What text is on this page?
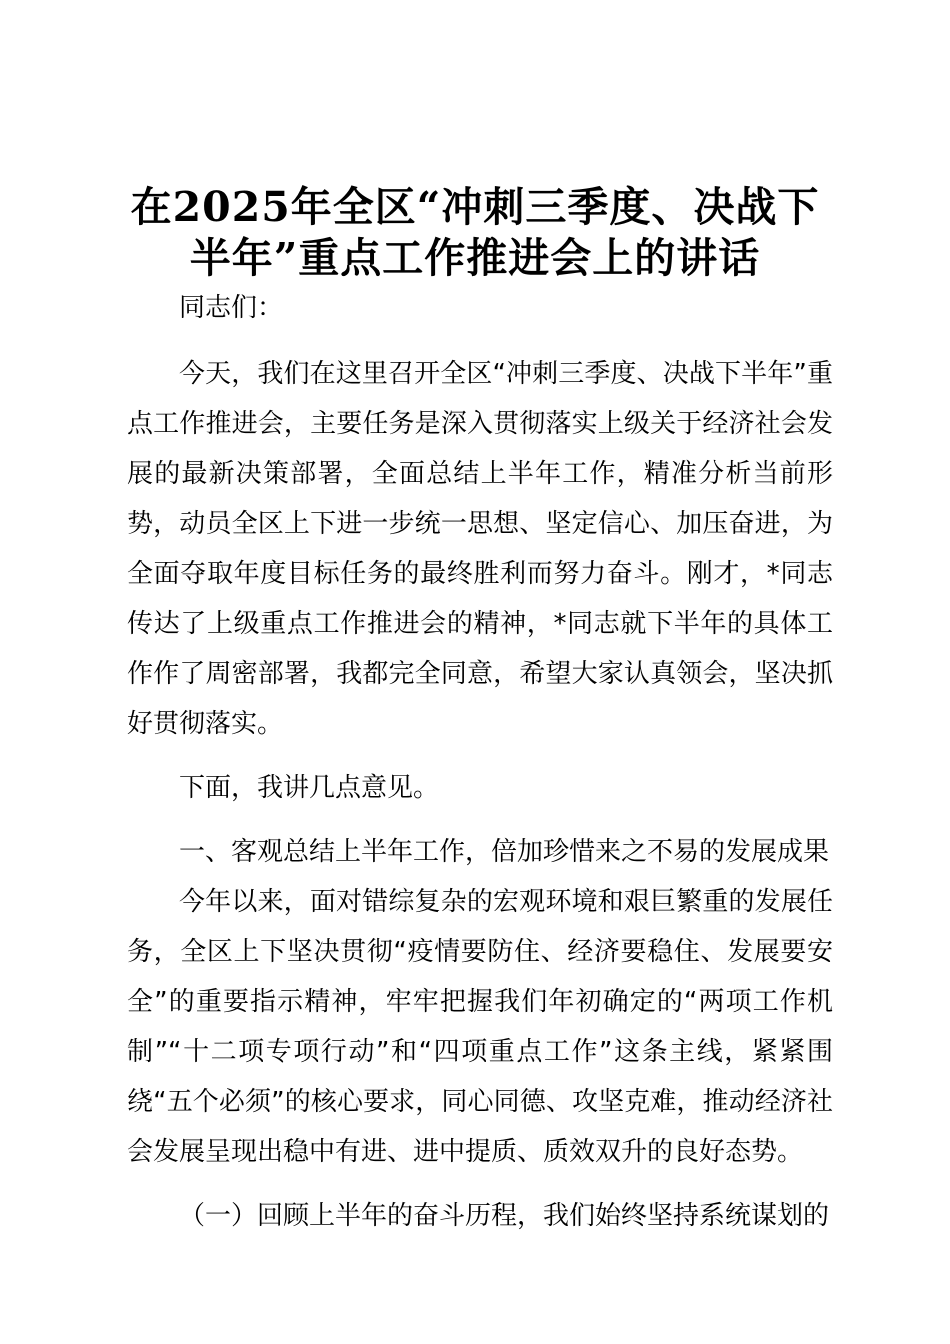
在2025年全区“冲刺三季度、决战下
半年”重点工作推进会上的讲话

同志们：

今天，我们在这里召开全区“冲刺三季度、决战下半年”重点工作推进会，主要任务是深入贯彻落实上级关于经济社会发展的最新决策部署，全面总结上半年工作，精准分析当前形势，动员全区上下进一步统一思想、坚定信心、加压奋进，为全面夺取年度目标任务的最终胜利而努力奋斗。刚才，*同志传达了上级重点工作推进会的精神，*同志就下半年的具体工作作了周密部署，我都完全同意，希望大家认真领会，坚决抓好贯彻落实。

下面，我讲几点意见。

一、客观总结上半年工作，倍加珍惜来之不易的发展成果

今年以来，面对错综复杂的宏观环境和艰巨繁重的发展任务，全区上下坚决贯彻“疫情要防住、经济要稳住、发展要安全”的重要指示精神，牢牢把握我们年初确定的“两项工作机制”“十二项专项行动”和“四项重点工作”这条主线，紧紧围绕“五个必须”的核心要求，同心同德、攻坚克难，推动经济社会发展呈现出稳中有进、进中提质、质效双升的良好态势。

（一）回顾上半年的奋斗历程，我们始终坚持系统谋划的
